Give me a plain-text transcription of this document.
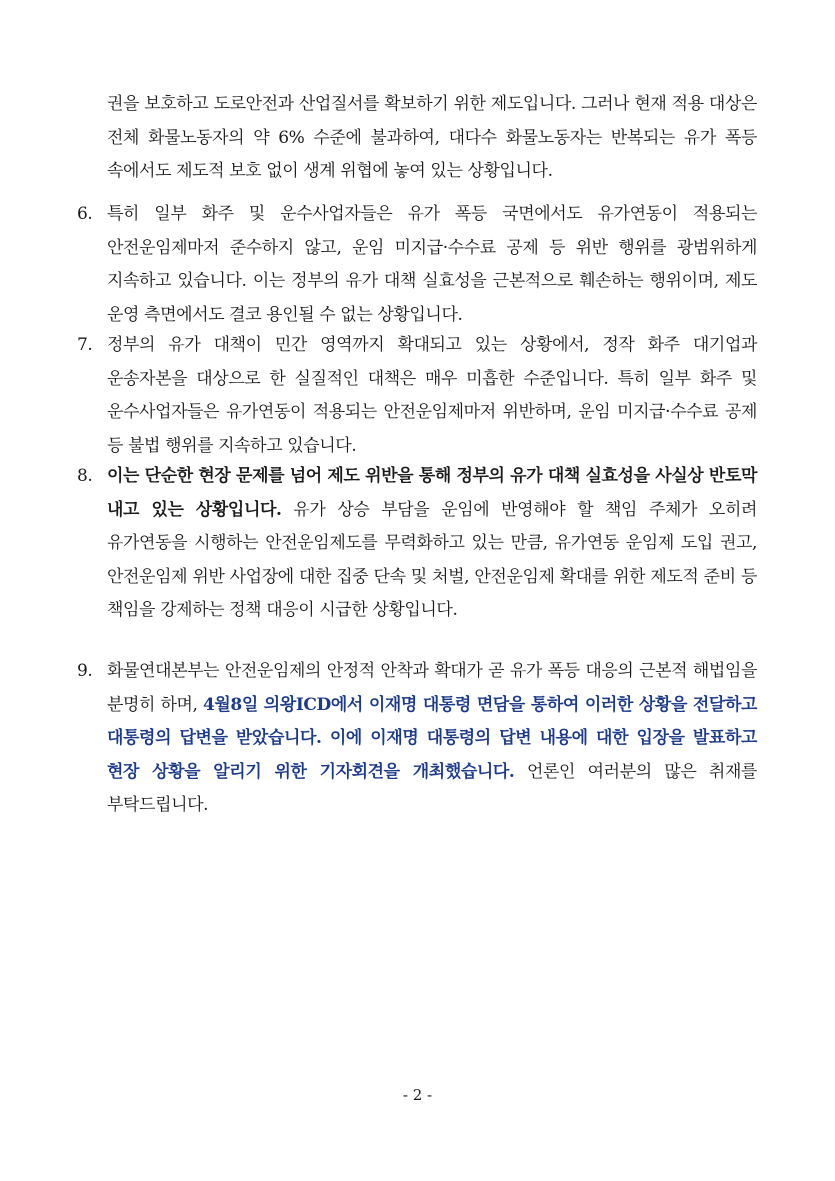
권을 보호하고 도로안전과 산업질서를 확보하기 위한 제도입니다. 그러나 현재 적용 대상은 전체 화물노동자의 약 6% 수준에 불과하여, 대다수 화물노동자는 반복되는 유가 폭등 속에서도 제도적 보호 없이 생계 위협에 놓여 있는 상황입니다.

6. 특히 일부 화주 및 운수사업자들은 유가 폭등 국면에서도 유가연동이 적용되는 안전운임제마저 준수하지 않고, 운임 미지급·수수료 공제 등 위반 행위를 광범위하게 지속하고 있습니다. 이는 정부의 유가 대책 실효성을 근본적으로 훼손하는 행위이며, 제도 운영 측면에서도 결코 용인될 수 없는 상황입니다.

7. 정부의 유가 대책이 민간 영역까지 확대되고 있는 상황에서, 정작 화주 대기업과 운송자본을 대상으로 한 실질적인 대책은 매우 미흡한 수준입니다. 특히 일부 화주 및 운수사업자들은 유가연동이 적용되는 안전운임제마저 위반하며, 운임 미지급·수수료 공제 등 불법 행위를 지속하고 있습니다.

8. 이는 단순한 현장 문제를 넘어 제도 위반을 통해 정부의 유가 대책 실효성을 사실상 반토막 내고 있는 상황입니다. 유가 상승 부담을 운임에 반영해야 할 책임 주체가 오히려 유가연동을 시행하는 안전운임제도를 무력화하고 있는 만큼, 유가연동 운임제 도입 권고, 안전운임제 위반 사업장에 대한 집중 단속 및 처벌, 안전운임제 확대를 위한 제도적 준비 등 책임을 강제하는 정책 대응이 시급한 상황입니다.

9. 화물연대본부는 안전운임제의 안정적 안착과 확대가 곧 유가 폭등 대응의 근본적 해법임을 분명히 하며, 4월8일 의왕ICD에서 이재명 대통령 면담을 통하여 이러한 상황을 전달하고 대통령의 답변을 받았습니다. 이에 이재명 대통령의 답변 내용에 대한 입장을 발표하고 현장 상황을 알리기 위한 기자회견을 개최했습니다. 언론인 여러분의 많은 취재를 부탁드립니다.

- 2 -
